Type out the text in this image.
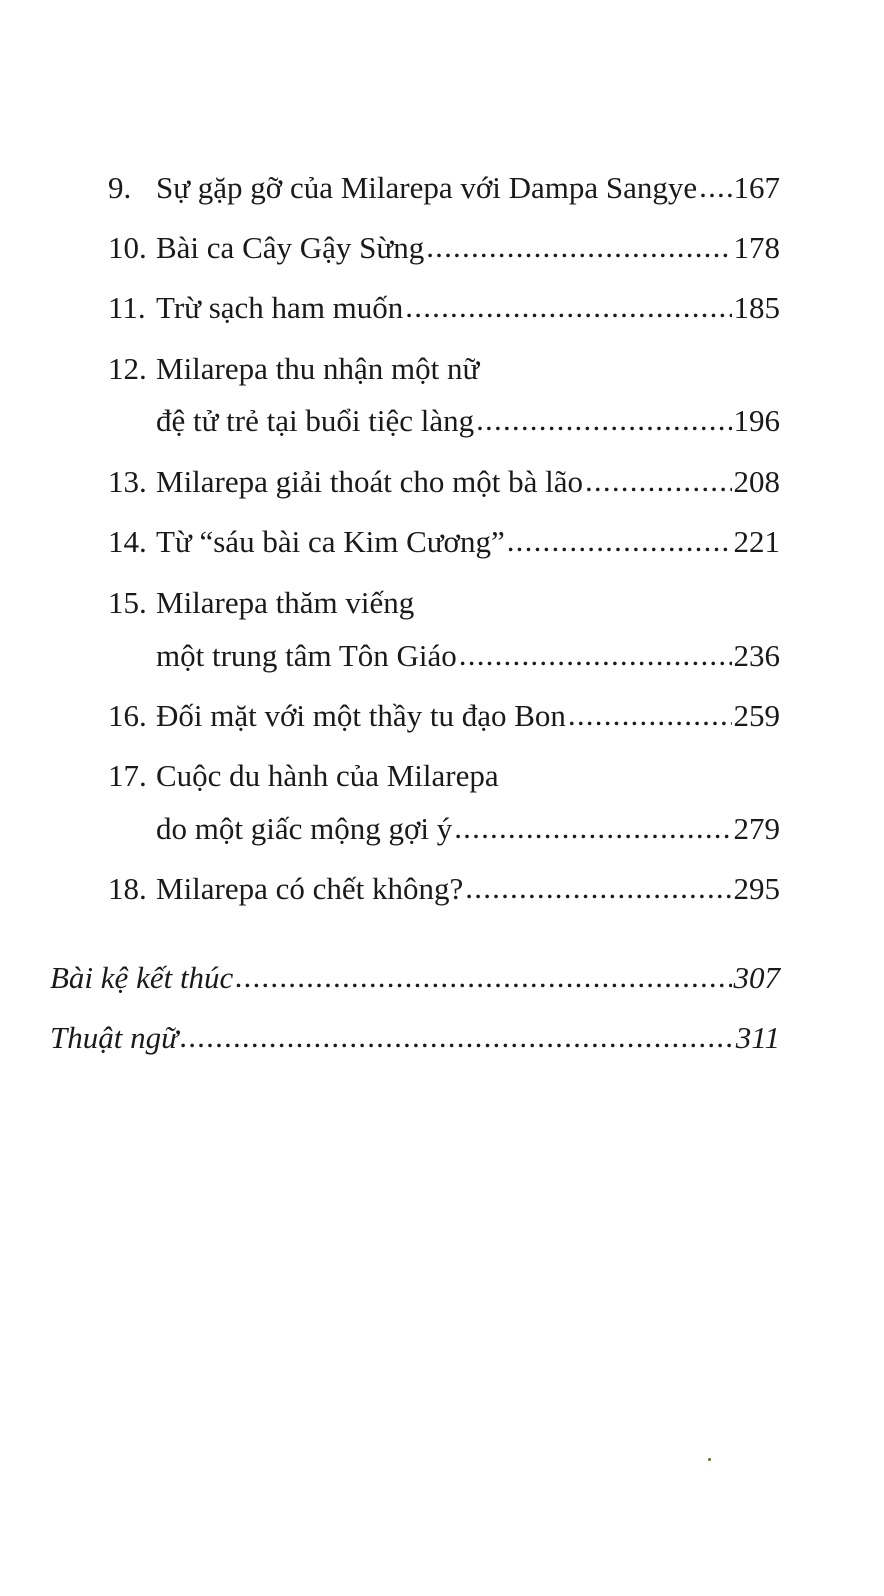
9. Sự gặp gỡ của Milarepa với Dampa Sangye ..... 167
10. Bài ca Cây Gậy Sừng .....	178
11. Trừ sạch ham muốn .....	185
12. Milarepa thu nhận một nữ
đệ tử trẻ tại buổi tiệc làng .....	196
13. Milarepa giải thoát cho một bà lão .....	208
14. Từ “sáu bài ca Kim Cương” .....	221
15. Milarepa thăm viếng
một trung tâm Tôn Giáo .....	236
16. Đối mặt với một thầy tu đạo Bon .....	259
17. Cuộc du hành của Milarepa
do một giấc mộng gợi ý .....	279
18. Milarepa có chết không? .....	295
Bài kệ kết thúc .....	307
Thuật ngữ .....	311
